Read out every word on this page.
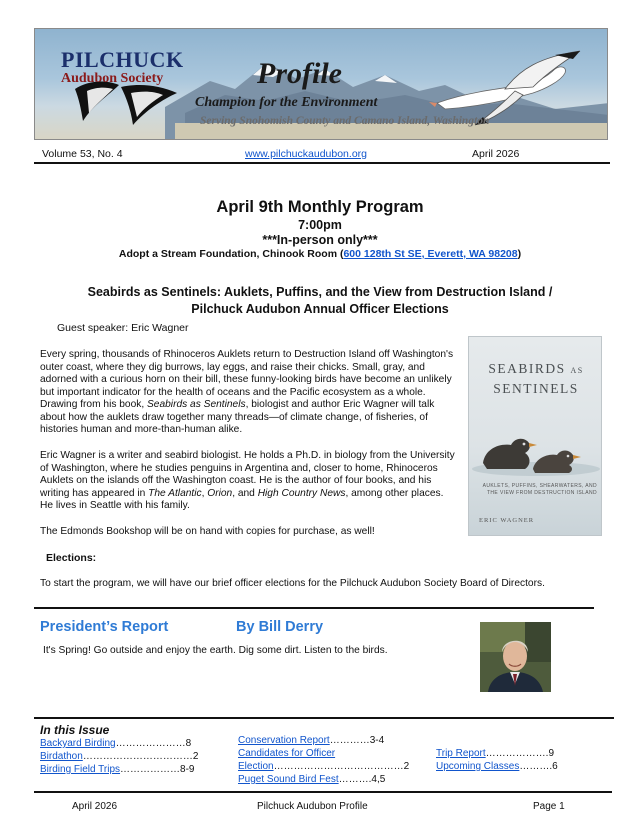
PILCHUCK
Audubon Society	Profile
Champion for the Environment
Serving Snohomish County and Camano Island, Washington
Volume 53, No. 4	www.pilchuckaudubon.org	April 2026
April 9th Monthly Program
7:00pm
***In-person only***
Adopt a Stream Foundation, Chinook Room (600 128th St SE, Everett, WA 98208)
Seabirds as Sentinels: Auklets, Puffins, and the View from Destruction Island /
Pilchuck Audubon Annual Officer Elections
Guest speaker: Eric Wagner
Every spring, thousands of Rhinoceros Auklets return to Destruction Island off Washington's outer coast, where they dig burrows, lay eggs, and raise their chicks. Small, gray, and adorned with a curious horn on their bill, these funny-looking birds have become an unlikely but important indicator for the health of oceans and the Pacific ecosystem as a whole. Drawing from his book, Seabirds as Sentinels, biologist and author Eric Wagner will talk about how the auklets draw together many threads—of climate change, of fisheries, of histories human and more-than-human alike.
Eric Wagner is a writer and seabird biologist. He holds a Ph.D. in biology from the University of Washington, where he studies penguins in Argentina and, closer to home, Rhinoceros Auklets on the islands off the Washington coast. He is the author of four books, and his writing has appeared in The Atlantic, Orion, and High Country News, among other places. He lives in Seattle with his family.
The Edmonds Bookshop will be on hand with copies for purchase, as well!
SEABIRDS AS
SENTINELS
AUKLETS, PUFFINS, SHEARWATERS, AND THE VIEW FROM DESTRUCTION ISLAND
ERIC WAGNER
Elections:
To start the program, we will have our brief officer elections for the Pilchuck Audubon Society Board of Directors.
President’s Report	By Bill Derry
It's Spring! Go outside and enjoy the earth. Dig some dirt. Listen to the birds.
In this Issue
Backyard Birding…………………8
Birdathon……………………………2
Birding Field Trips………………8-9
Conservation Report…………3-4
Candidates for Officer
Election…………………………………2
Puget Sound Bird Fest……….4,5
Trip Report……………….9
Upcoming Classes……….6
April 2026	Pilchuck Audubon Profile	Page 1
